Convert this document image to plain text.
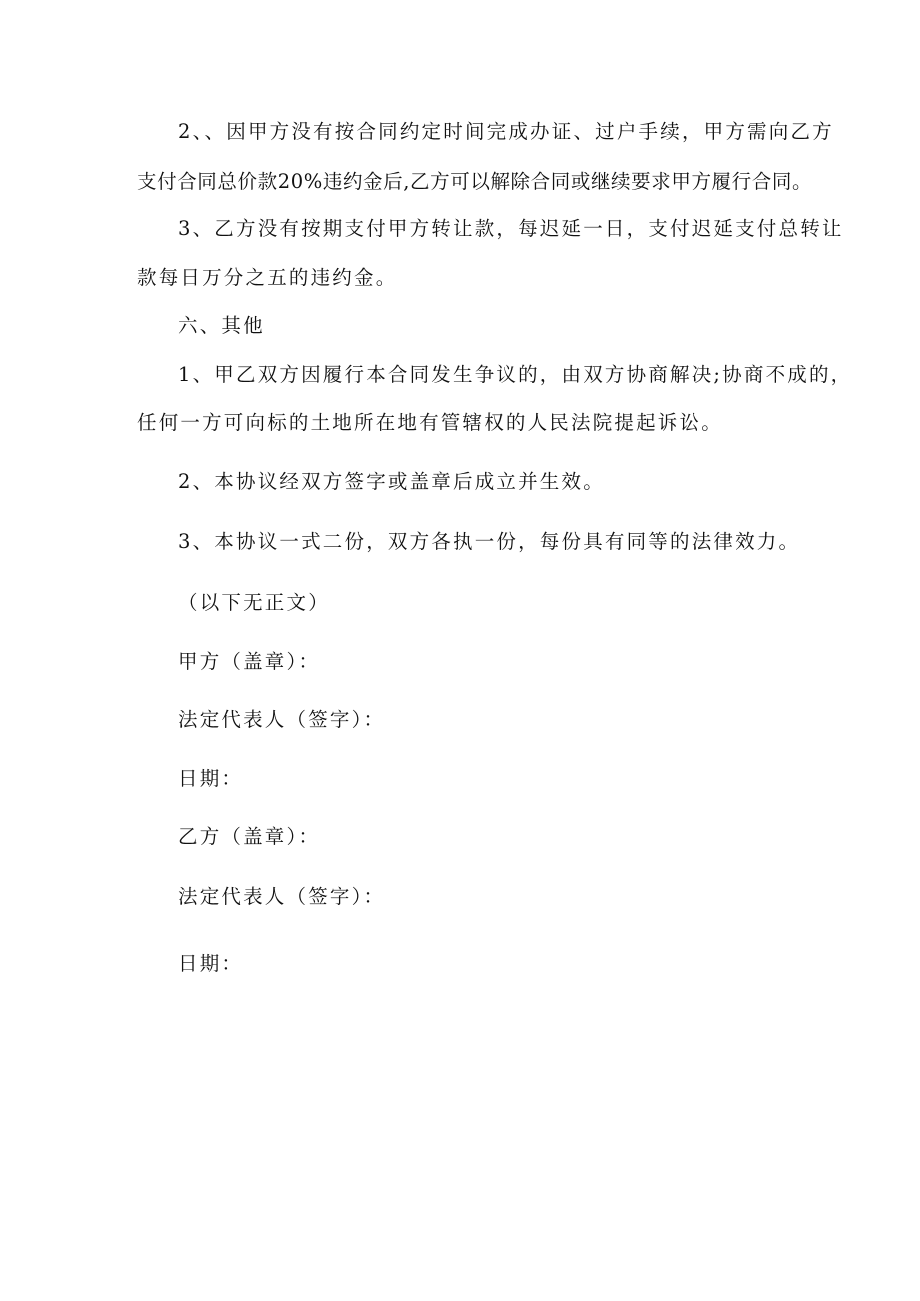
2、、因甲方没有按合同约定时间完成办证、过户手续，甲方需向乙方
支付合同总价款20%违约金后,乙方可以解除合同或继续要求甲方履行合同。
3、乙方没有按期支付甲方转让款，每迟延一日，支付迟延支付总转让
款每日万分之五的违约金。
六、其他
1、甲乙双方因履行本合同发生争议的，由双方协商解决;协商不成的，
任何一方可向标的土地所在地有管辖权的人民法院提起诉讼。
2、本协议经双方签字或盖章后成立并生效。
3、本协议一式二份，双方各执一份，每份具有同等的法律效力。
（以下无正文）
甲方（盖章）：
法定代表人（签字）：
日期：
乙方（盖章）：
法定代表人（签字）：
日期：
